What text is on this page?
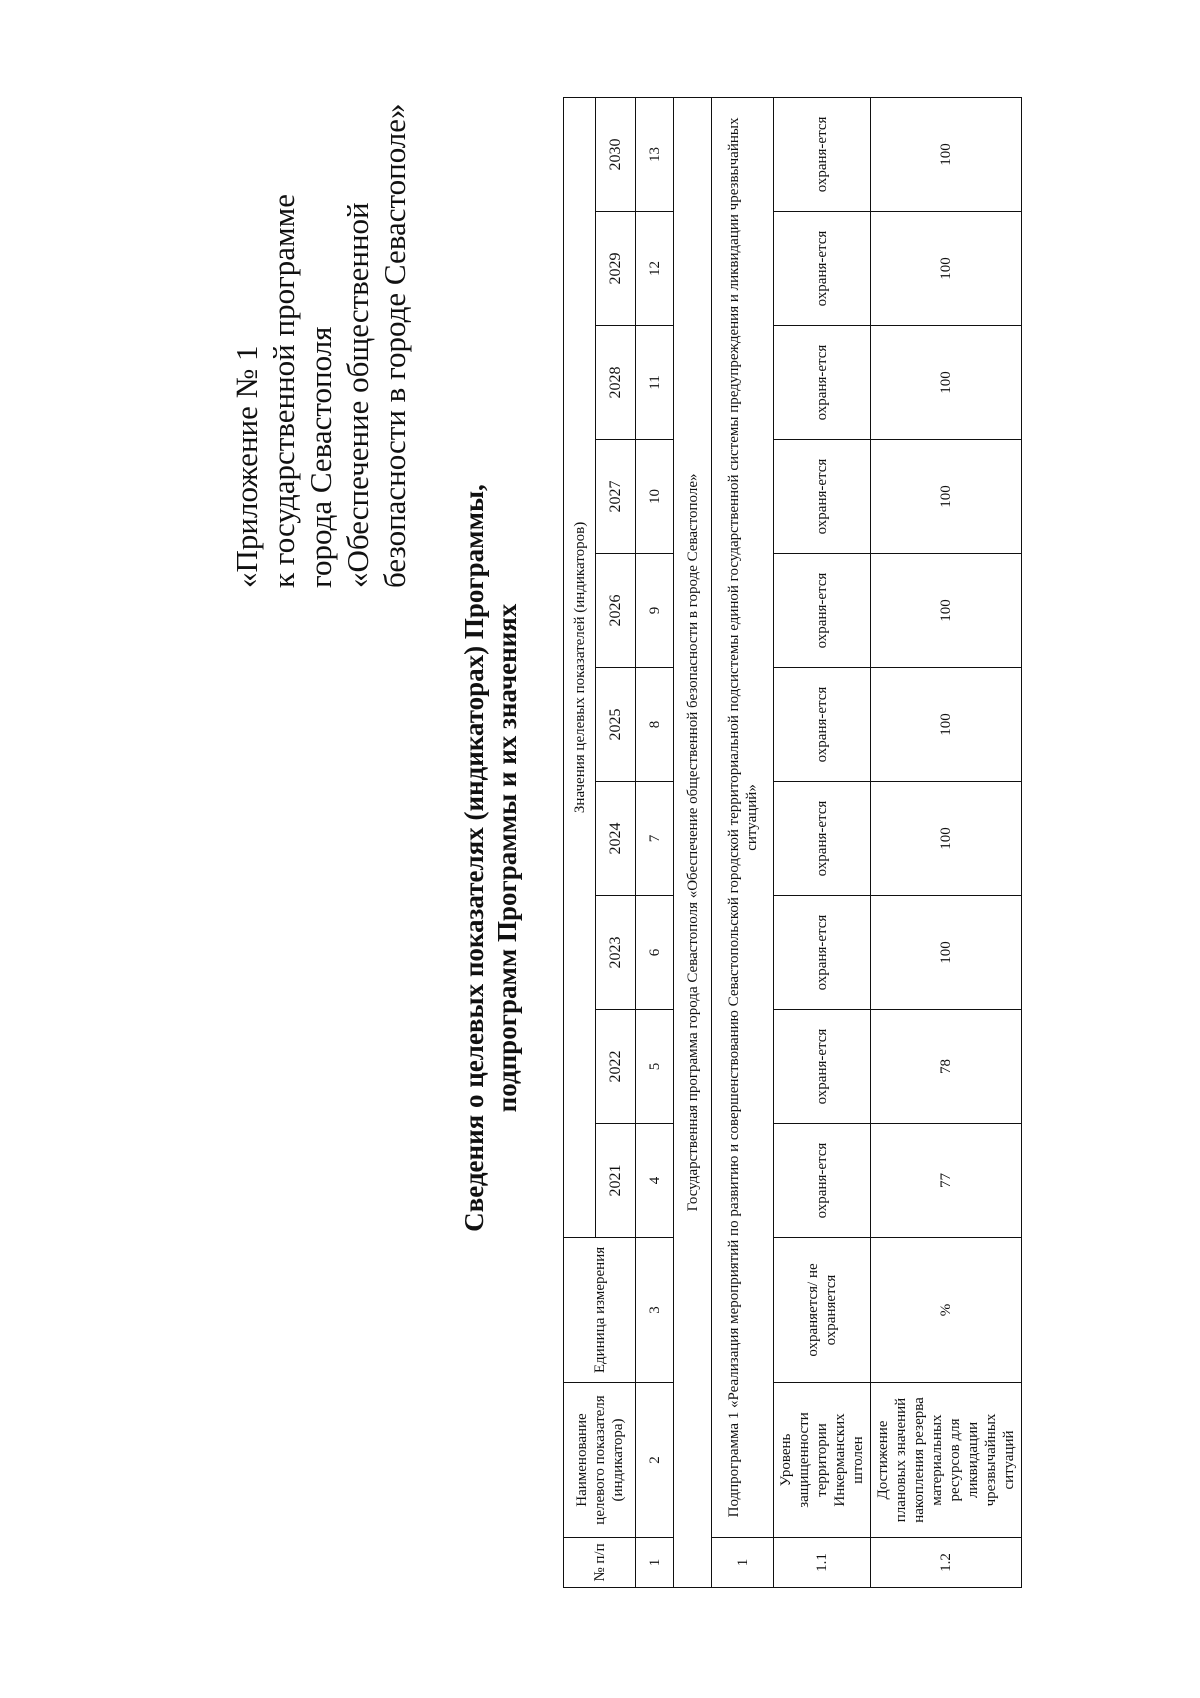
«Приложение № 1 к государственной программе города Севастополя «Обеспечение общественной безопасности в городе Севастополе»
Сведения о целевых показателях (индикаторах) Программы, подпрограмм Программы и их значениях
№ п/п	Наименование целевого показателя (индикатора)	Единица измерения	Значения целевых показателей (индикаторов)									
			2021	2022	2023	2024	2025	2026	2027	2028	2029	2030
1	2	3	4	5	6	7	8	9	10	11	12	13
Государственная программа города Севастополя «Обеспечение общественной безопасности в городе Севастополе»												
1	Подпрограмма 1 «Реализация мероприятий по развитию и совершенствованию Севастопольской городской территориальной подсистемы единой государственной системы предупреждения и ликвидации чрезвычайных ситуаций»											
1.1	Уровень защищенности территории Инкерманских штолен	охраняется/ не охраняется	охраня-ется	охраня-ется	охраня-ется	охраня-ется	охраня-ется	охраня-ется	охраня-ется	охраня-ется	охраня-ется	охраня-ется
1.2	Достижение плановых значений накопления резерва материальных ресурсов для ликвидации чрезвычайных ситуаций	%	77	78	100	100	100	100	100	100	100	100
